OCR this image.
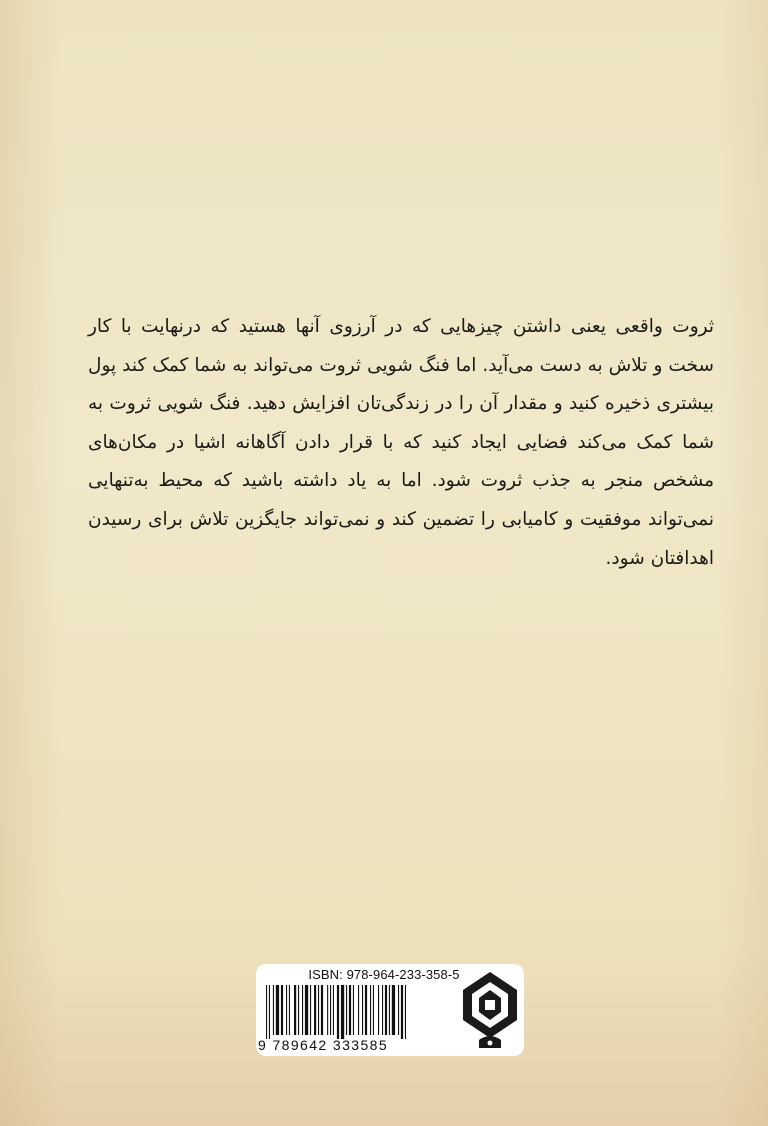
ثروت واقعی یعنی داشتن چیزهایی که در آرزوی آنها هستید که درنهایت با کار سخت و تلاش به دست می‌آید. اما فنگ شویی ثروت می‌تواند به شما کمک کند پول بیشتری ذخیره کنید و مقدار آن را در زندگی‌تان افزایش دهید. فنگ شویی ثروت به شما کمک می‌کند فضایی ایجاد کنید که با قرار دادن آگاهانه اشیا در مکان‌های مشخص منجر به جذب ثروت شود. اما به یاد داشته باشید که محیط به‌تنهایی نمی‌تواند موفقیت و کامیابی را تضمین کند و نمی‌تواند جایگزین تلاش برای رسیدن اهدافتان شود.

ISBN: 978-964-233-358-5
9 789642 333585
